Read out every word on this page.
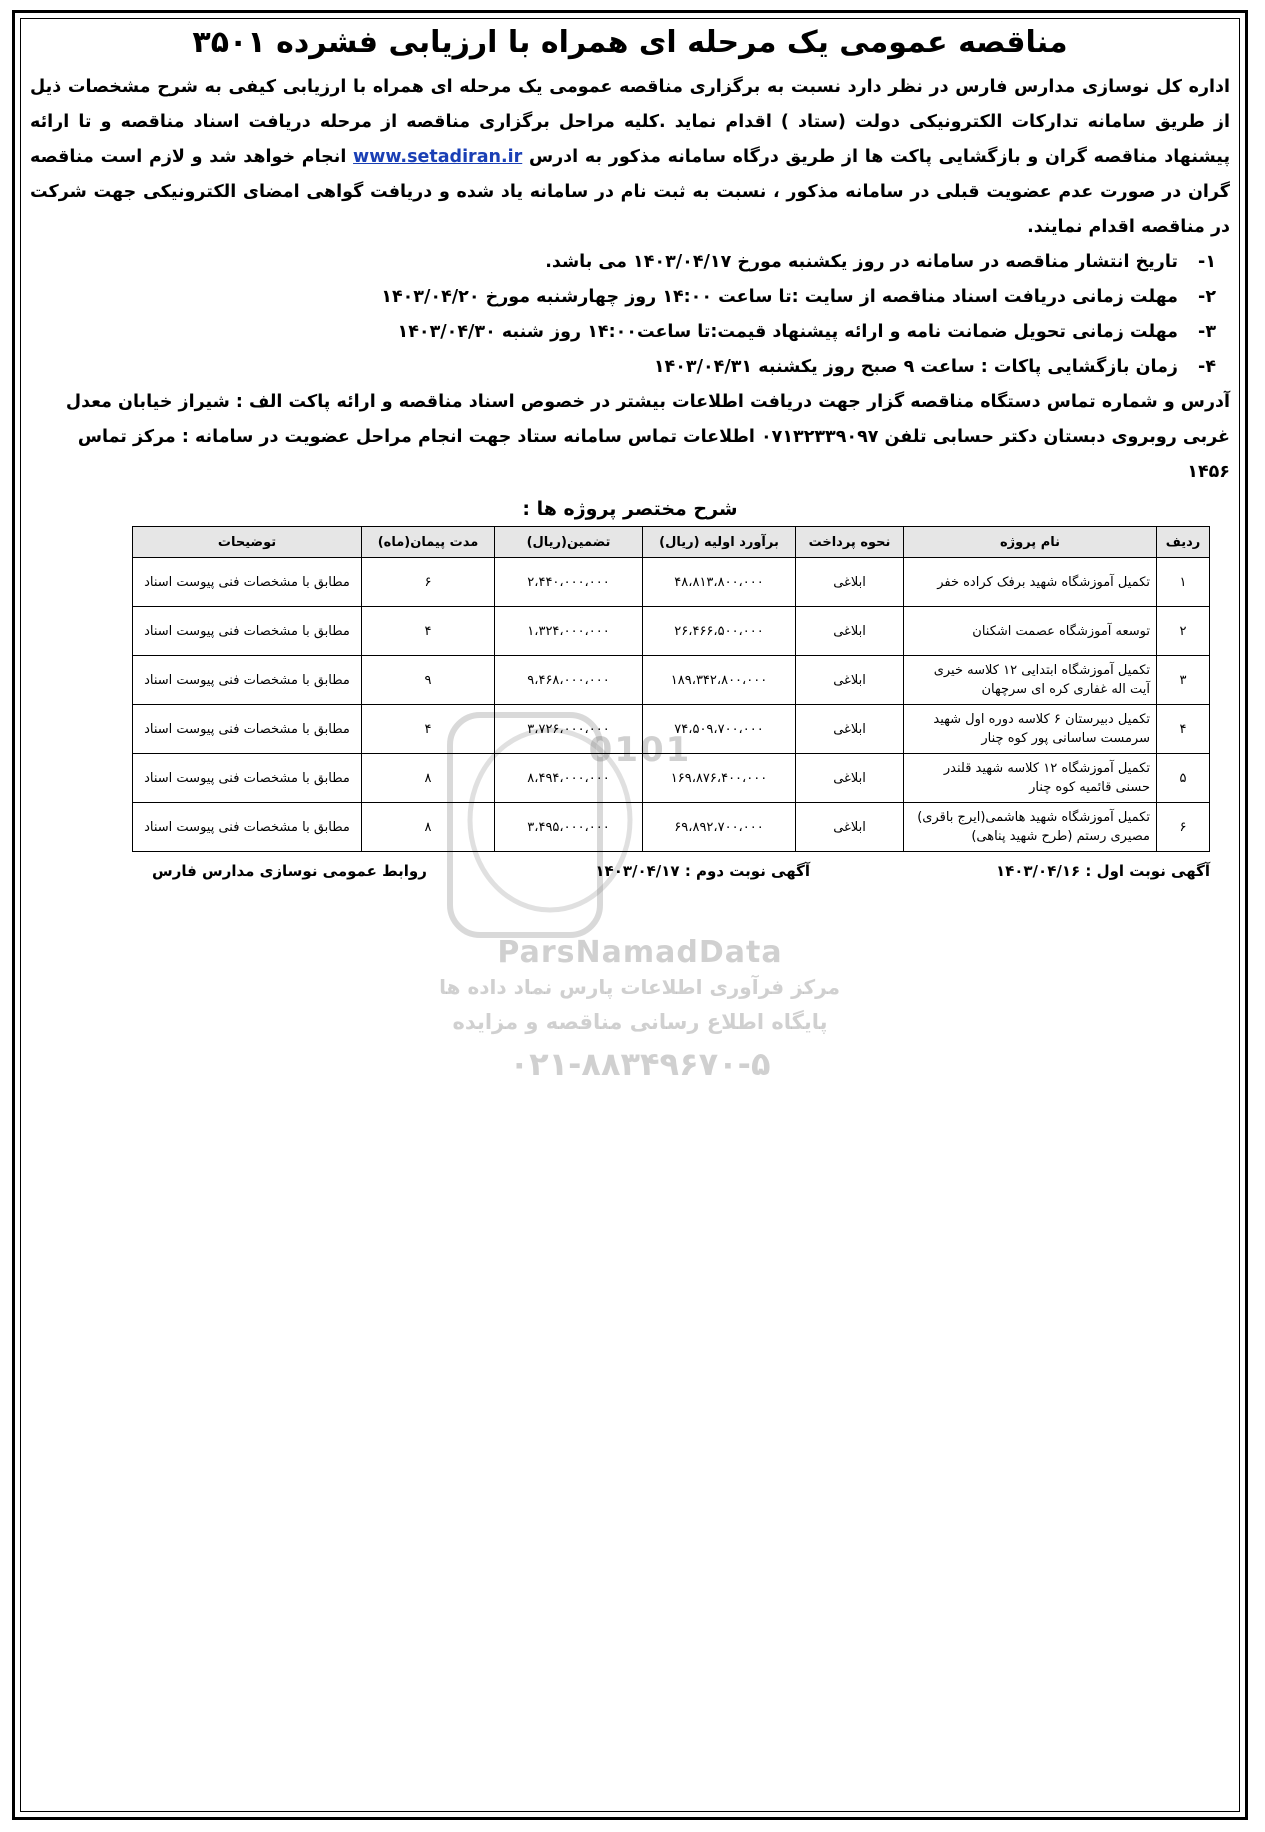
0101
ParsNamadData
مرکز فرآوری اطلاعات پارس نماد داده ها
پایگاه اطلاع رسانی مناقصه و مزایده
۰۲۱-۸۸۳۴۹۶۷۰-۵
مناقصه عمومی یک مرحله ای همراه با ارزیابی فشرده ۳۵۰۱

اداره کل نوسازی مدارس فارس در نظر دارد نسبت به برگزاری مناقصه عمومی یک مرحله ای همراه با ارزیابی کیفی به شرح مشخصات ذیل از طریق سامانه تدارکات الکترونیکی دولت (ستاد ) اقدام نماید .کلیه مراحل برگزاری مناقصه از مرحله دریافت اسناد مناقصه و تا ارائه پیشنهاد مناقصه گران و بازگشایی پاکت ها از طریق درگاه سامانه مذکور به ادرس www.setadiran.ir انجام خواهد شد و لازم است مناقصه گران در صورت عدم عضویت قبلی در سامانه مذکور ، نسبت به ثبت نام در سامانه یاد شده و دریافت گواهی امضای الکترونیکی جهت شرکت در مناقصه اقدام نمایند.

۱-تاریخ انتشار مناقصه در سامانه در روز یکشنبه مورخ ۱۴۰۳/۰۴/۱۷ می باشد.
۲-مهلت زمانی دریافت اسناد مناقصه از سایت :تا ساعت ۱۴:۰۰ روز چهارشنبه مورخ ۱۴۰۳/۰۴/۲۰
۳-مهلت زمانی تحویل ضمانت نامه و ارائه پیشنهاد قیمت:تا ساعت۱۴:۰۰ روز شنبه ۱۴۰۳/۰۴/۳۰
۴-زمان بازگشایی پاکات : ساعت ۹ صبح روز یکشنبه ۱۴۰۳/۰۴/۳۱

آدرس و شماره تماس دستگاه مناقصه گزار جهت دریافت اطلاعات بیشتر در خصوص اسناد مناقصه و ارائه پاکت الف : شیراز خیابان معدل غربی روبروی دبستان دکتر حسابی تلفن ۰۷۱۳۲۳۳۹۰۹۷ اطلاعات تماس سامانه ستاد جهت انجام مراحل عضویت در سامانه : مرکز تماس ۱۴۵۶

شرح مختصر پروژه ها :
ردیف	نام پروژه	نحوه پرداخت	برآورد اولیه (ریال)	تضمین(ریال)	مدت پیمان(ماه)	توضیحات
۱	تکمیل آموزشگاه شهید برفک کراده خفر	ابلاغی	۴۸،۸۱۳،۸۰۰،۰۰۰	۲،۴۴۰،۰۰۰،۰۰۰	۶	مطابق با مشخصات فنی پیوست اسناد
۲	توسعه آموزشگاه عصمت اشکنان	ابلاغی	۲۶،۴۶۶،۵۰۰،۰۰۰	۱،۳۲۴،۰۰۰،۰۰۰	۴	مطابق با مشخصات فنی پیوست اسناد
۳	تکمیل آموزشگاه ابتدایی ۱۲ کلاسه خیری آیت اله غفاری کره ای سرچهان	ابلاغی	۱۸۹،۳۴۲،۸۰۰،۰۰۰	۹،۴۶۸،۰۰۰،۰۰۰	۹	مطابق با مشخصات فنی پیوست اسناد
۴	تکمیل دبیرستان ۶ کلاسه دوره اول شهید سرمست ساسانی پور کوه چنار	ابلاغی	۷۴،۵۰۹،۷۰۰،۰۰۰	۳،۷۲۶،۰۰۰،۰۰۰	۴	مطابق با مشخصات فنی پیوست اسناد
۵	تکمیل آموزشگاه ۱۲ کلاسه شهید قلندر حسنی قائمیه کوه چنار	ابلاغی	۱۶۹،۸۷۶،۴۰۰،۰۰۰	۸،۴۹۴،۰۰۰،۰۰۰	۸	مطابق با مشخصات فنی پیوست اسناد
۶	تکمیل آموزشگاه شهید هاشمی(ایرج باقری) مصیری رستم (طرح شهید پناهی)	ابلاغی	۶۹،۸۹۲،۷۰۰،۰۰۰	۳،۴۹۵،۰۰۰،۰۰۰	۸	مطابق با مشخصات فنی پیوست اسناد
آگهی نوبت اول : ۱۴۰۳/۰۴/۱۶
آگهی نوبت دوم : ۱۴۰۳/۰۴/۱۷
روابط عمومی نوسازی مدارس فارس
